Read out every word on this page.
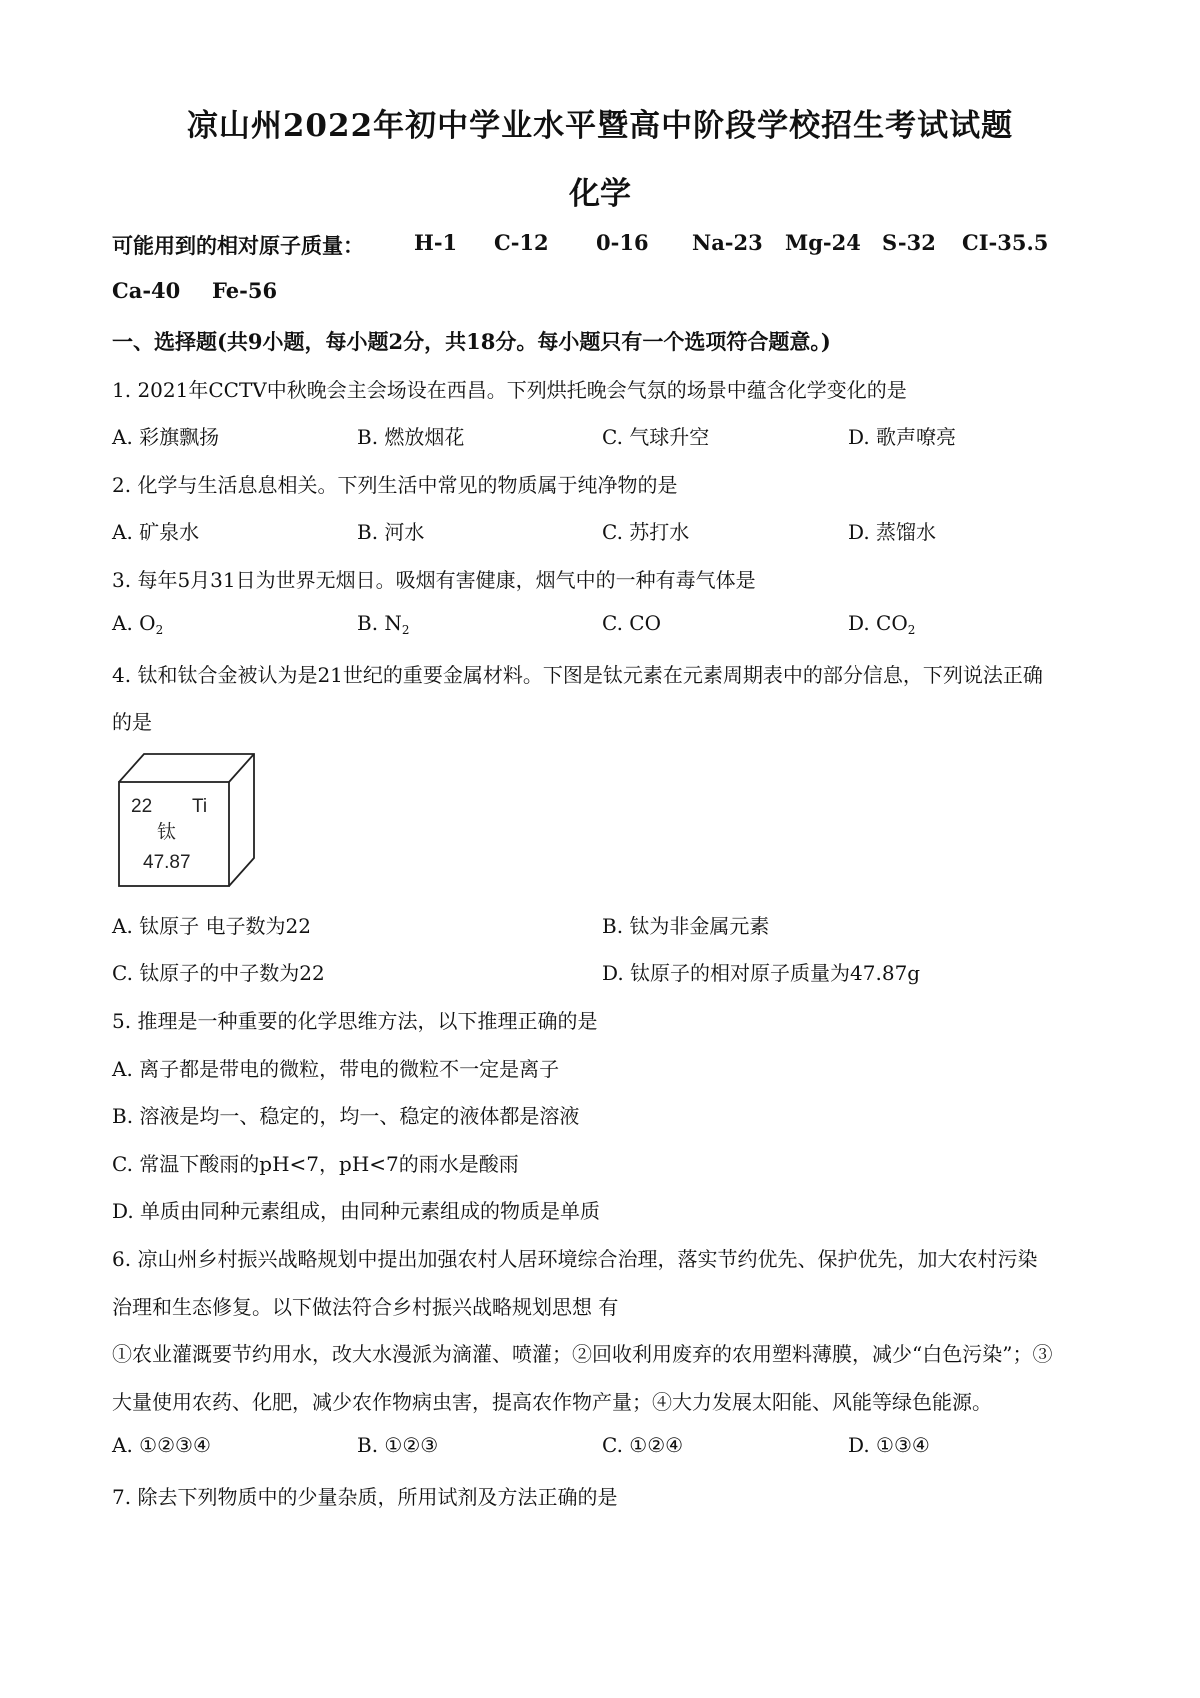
凉山州2022年初中学业水平暨高中阶段学校招生考试试题
化学
可能用到的相对原子质量： H-1 C-12 0-16 Na-23 Mg-24 S-32 CI-35.5
Ca-40 Fe-56
一、选择题(共9小题，每小题2分，共18分。每小题只有一个选项符合题意。)
1. 2021年CCTV中秋晚会主会场设在西昌。下列烘托晚会气氛的场景中蕴含化学变化的是
A. 彩旗飘扬	B. 燃放烟花	C. 气球升空	D. 歌声嘹亮
2. 化学与生活息息相关。下列生活中常见的物质属于纯净物的是
A. 矿泉水	B. 河水	C. 苏打水	D. 蒸馏水
3. 每年5月31日为世界无烟日。吸烟有害健康，烟气中的一种有毒气体是
A. $O_2$	B. $N_2$	C. CO	D. $CO_2$
4. 钛和钛合金被认为是21世纪的重要金属材料。下图是钛元素在元素周期表中的部分信息，下列说法正确
的是
22 Ti
钛
47.87
A. 钛原子 电子数为22	B. 钛为非金属元素
C. 钛原子的中子数为22	D. 钛原子的相对原子质量为47.87g
5. 推理是一种重要的化学思维方法，以下推理正确的是
A. 离子都是带电的微粒，带电的微粒不一定是离子
B. 溶液是均一、稳定的，均一、稳定的液体都是溶液
C. 常温下酸雨的pH<7，pH<7的雨水是酸雨
D. 单质由同种元素组成，由同种元素组成的物质是单质
6. 凉山州乡村振兴战略规划中提出加强农村人居环境综合治理，落实节约优先、保护优先，加大农村污染
治理和生态修复。以下做法符合乡村振兴战略规划思想 有
①农业灌溉要节约用水，改大水漫派为滴灌、喷灌；②回收利用废弃的农用塑料薄膜，减少“白色污染”；③
大量使用农药、化肥，减少农作物病虫害，提高农作物产量；④大力发展太阳能、风能等绿色能源。
A. ①②③④	B. ①②③	C. ①②④	D. ①③④
7. 除去下列物质中的少量杂质，所用试剂及方法正确的是
